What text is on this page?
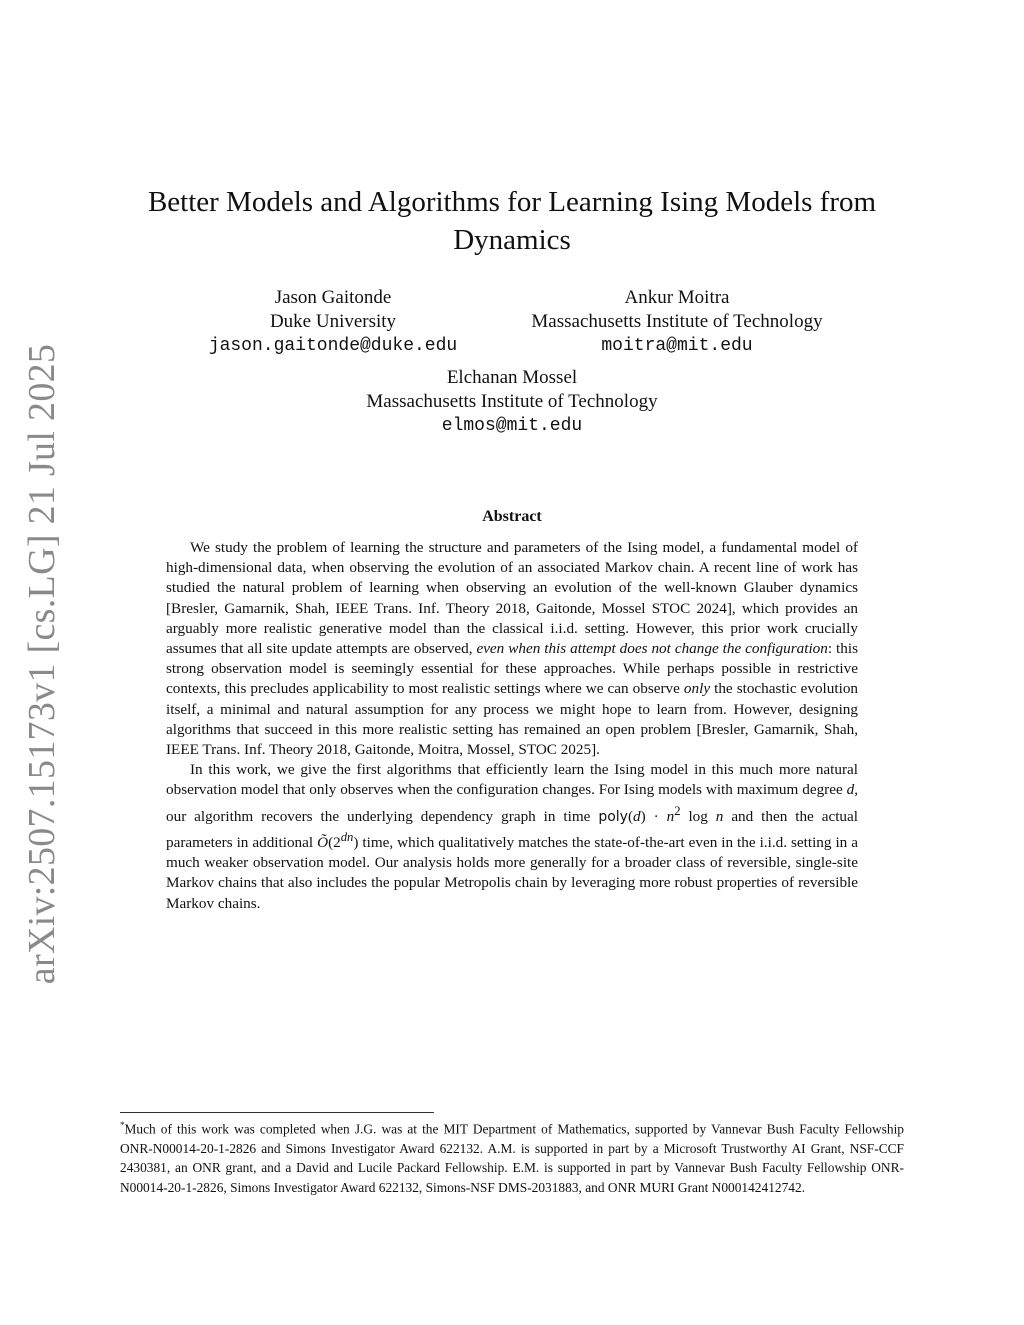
arXiv:2507.15173v1 [cs.LG] 21 Jul 2025
Better Models and Algorithms for Learning Ising Models from Dynamics
Jason Gaitonde
Duke University
jason.gaitonde@duke.edu
Ankur Moitra
Massachusetts Institute of Technology
moitra@mit.edu
Elchanan Mossel
Massachusetts Institute of Technology
elmos@mit.edu
Abstract

We study the problem of learning the structure and parameters of the Ising model, a fundamental model of high-dimensional data, when observing the evolution of an associated Markov chain. A recent line of work has studied the natural problem of learning when observing an evolution of the well-known Glauber dynamics [Bresler, Gamarnik, Shah, IEEE Trans. Inf. Theory 2018, Gaitonde, Mossel STOC 2024], which provides an arguably more realistic generative model than the classical i.i.d. setting. However, this prior work crucially assumes that all site update attempts are observed, even when this attempt does not change the configuration: this strong observation model is seemingly essential for these approaches. While perhaps possible in restrictive contexts, this precludes applicability to most realistic settings where we can observe only the stochastic evolution itself, a minimal and natural assumption for any process we might hope to learn from. However, designing algorithms that succeed in this more realistic setting has remained an open problem [Bresler, Gamarnik, Shah, IEEE Trans. Inf. Theory 2018, Gaitonde, Moitra, Mossel, STOC 2025].

In this work, we give the first algorithms that efficiently learn the Ising model in this much more natural observation model that only observes when the configuration changes. For Ising models with maximum degree d, our algorithm recovers the underlying dependency graph in time poly(d) · $n^2$ log n and then the actual parameters in additional $Õ(2^{dn})$ time, which qualitatively matches the state-of-the-art even in the i.i.d. setting in a much weaker observation model. Our analysis holds more generally for a broader class of reversible, single-site Markov chains that also includes the popular Metropolis chain by leveraging more robust properties of reversible Markov chains.

*Much of this work was completed when J.G. was at the MIT Department of Mathematics, supported by Vannevar Bush Faculty Fellowship ONR-N00014-20-1-2826 and Simons Investigator Award 622132. A.M. is supported in part by a Microsoft Trustworthy AI Grant, NSF-CCF 2430381, an ONR grant, and a David and Lucile Packard Fellowship. E.M. is supported in part by Vannevar Bush Faculty Fellowship ONR-N00014-20-1-2826, Simons Investigator Award 622132, Simons-NSF DMS-2031883, and ONR MURI Grant N000142412742.
